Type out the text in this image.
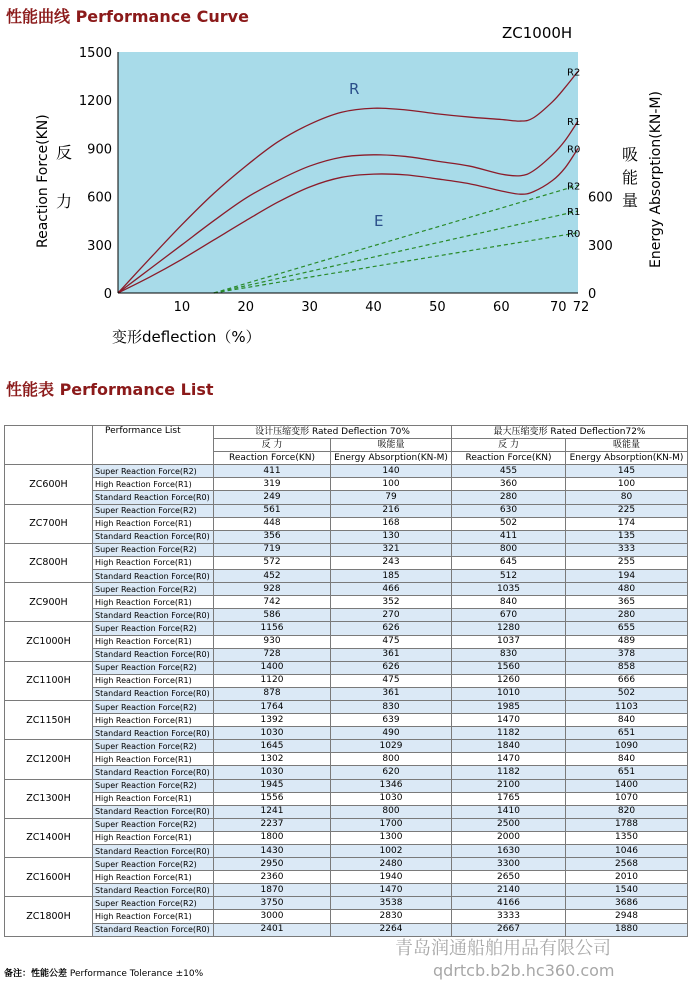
性能曲线 Performance Curve
10	20	30	40	50	60	70 72
0
300
600
900
1200
1500
0
300
600
R2
R1
R0
R2
R1
R0
ZC1000H
R
E
Reaction Force(KN) 反
力	Energy Absorption(KN-M)
吸
能
量
变形deflection（%）
性能表 Performance List
	Performance List	设计压缩变形 Rated Deflection 70%		最大压缩变形 Rated Deflection72%	
		反 力	吸能量	反 力	吸能量
		Reaction Force(KN)	Energy Absorption(KN-M)	Reaction Force(KN)	Energy Absorption(KN-M)
ZC600H	Super Reaction Force(R2)	411	140	455	145
	High Reaction Force(R1)	319	100	360	100
	Standard Reaction Force(R0)	249	79	280	80
ZC700H	Super Reaction Force(R2)	561	216	630	225
	High Reaction Force(R1)	448	168	502	174
	Standard Reaction Force(R0)	356	130	411	135
ZC800H	Super Reaction Force(R2)	719	321	800	333
	High Reaction Force(R1)	572	243	645	255
	Standard Reaction Force(R0)	452	185	512	194
ZC900H	Super Reaction Force(R2)	928	466	1035	480
	High Reaction Force(R1)	742	352	840	365
	Standard Reaction Force(R0)	586	270	670	280
ZC1000H	Super Reaction Force(R2)	1156	626	1280	655
	High Reaction Force(R1)	930	475	1037	489
	Standard Reaction Force(R0)	728	361	830	378
ZC1100H	Super Reaction Force(R2)	1400	626	1560	858
	High Reaction Force(R1)	1120	475	1260	666
	Standard Reaction Force(R0)	878	361	1010	502
ZC1150H	Super Reaction Force(R2)	1764	830	1985	1103
	High Reaction Force(R1)	1392	639	1470	840
	Standard Reaction Force(R0)	1030	490	1182	651
ZC1200H	Super Reaction Force(R2)	1645	1029	1840	1090
	High Reaction Force(R1)	1302	800	1470	840
	Standard Reaction Force(R0)	1030	620	1182	651
ZC1300H	Super Reaction Force(R2)	1945	1346	2100	1400
	High Reaction Force(R1)	1556	1030	1765	1070
	Standard Reaction Force(R0)	1241	800	1410	820
ZC1400H	Super Reaction Force(R2)	2237	1700	2500	1788
	High Reaction Force(R1)	1800	1300	2000	1350
	Standard Reaction Force(R0)	1430	1002	1630	1046
ZC1600H	Super Reaction Force(R2)	2950	2480	3300	2568
	High Reaction Force(R1)	2360	1940	2650	2010
	Standard Reaction Force(R0)	1870	1470	2140	1540
ZC1800H	Super Reaction Force(R2)	3750	3538	4166	3686
	High Reaction Force(R1)	3000	2830	3333	2948
	Standard Reaction Force(R0)	2401	2264	2667	1880
备注：性能公差 Performance Tolerance ±10%
青岛润通船舶用品有限公司
qdrtcb.b2b.hc360.com
